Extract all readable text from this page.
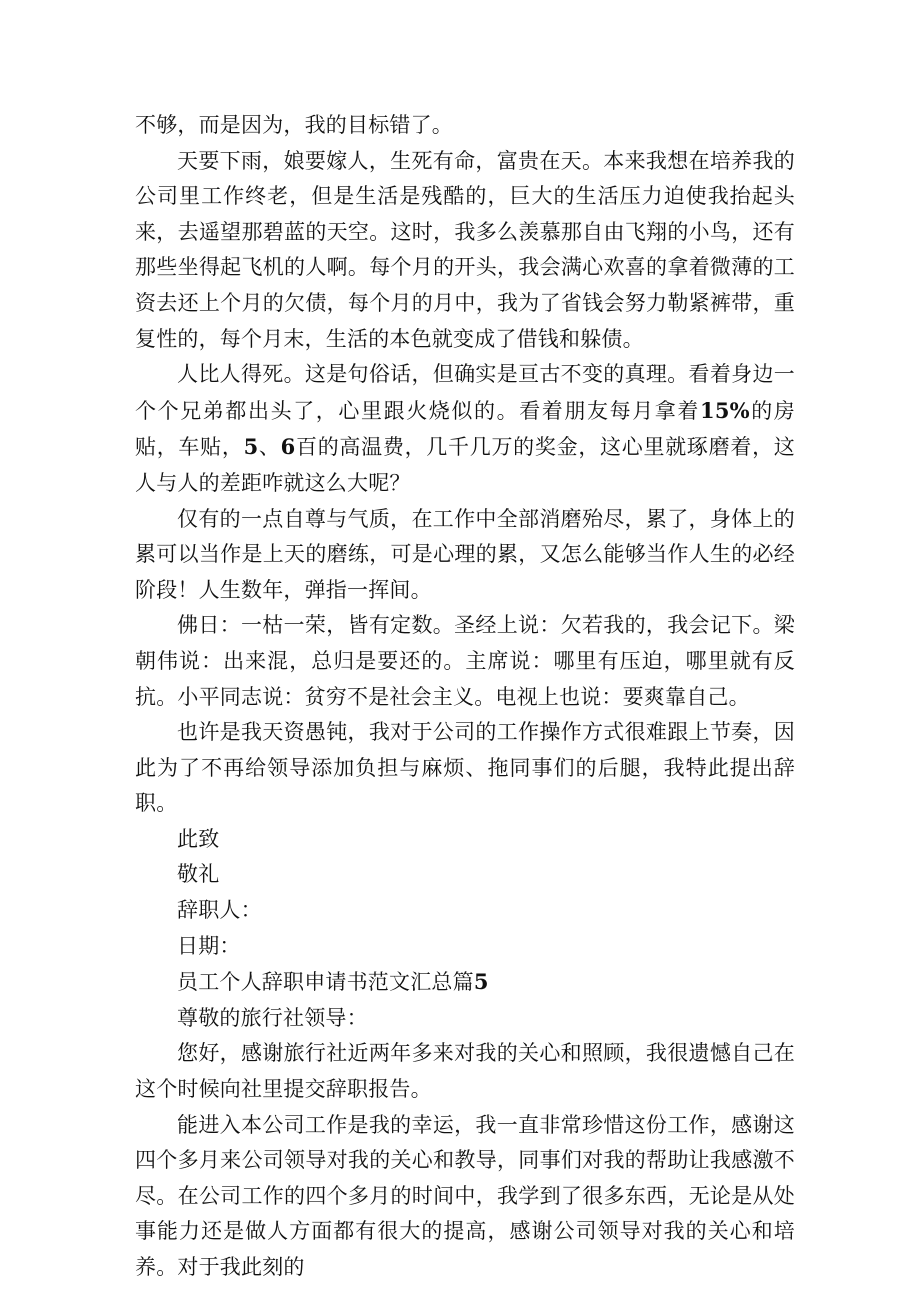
不够，而是因为，我的目标错了。

天要下雨，娘要嫁人，生死有命，富贵在天。本来我想在培养我的公司里工作终老，但是生活是残酷的，巨大的生活压力迫使我抬起头来，去遥望那碧蓝的天空。这时，我多么羡慕那自由飞翔的小鸟，还有那些坐得起飞机的人啊。每个月的开头，我会满心欢喜的拿着微薄的工资去还上个月的欠债，每个月的月中，我为了省钱会努力勒紧裤带，重复性的，每个月末，生活的本色就变成了借钱和躲债。

人比人得死。这是句俗话，但确实是亘古不变的真理。看着身边一个个兄弟都出头了，心里跟火烧似的。看着朋友每月拿着15%的房贴，车贴，5、6百的高温费，几千几万的奖金，这心里就琢磨着，这人与人的差距咋就这么大呢？

仅有的一点自尊与气质，在工作中全部消磨殆尽，累了，身体上的累可以当作是上天的磨练，可是心理的累，又怎么能够当作人生的必经阶段！人生数年，弹指一挥间。

佛日：一枯一荣，皆有定数。圣经上说：欠若我的，我会记下。梁朝伟说：出来混，总归是要还的。主席说：哪里有压迫，哪里就有反抗。小平同志说：贫穷不是社会主义。电视上也说：要爽靠自己。

也许是我天资愚钝，我对于公司的工作操作方式很难跟上节奏，因此为了不再给领导添加负担与麻烦、拖同事们的后腿，我特此提出辞职。

此致

敬礼

辞职人：

日期：

员工个人辞职申请书范文汇总篇5

尊敬的旅行社领导：

您好，感谢旅行社近两年多来对我的关心和照顾，我很遗憾自己在这个时候向社里提交辞职报告。

能进入本公司工作是我的幸运，我一直非常珍惜这份工作，感谢这四个多月来公司领导对我的关心和教导，同事们对我的帮助让我感激不尽。在公司工作的四个多月的时间中，我学到了很多东西，无论是从处事能力还是做人方面都有很大的提高，感谢公司领导对我的关心和培养。对于我此刻的
